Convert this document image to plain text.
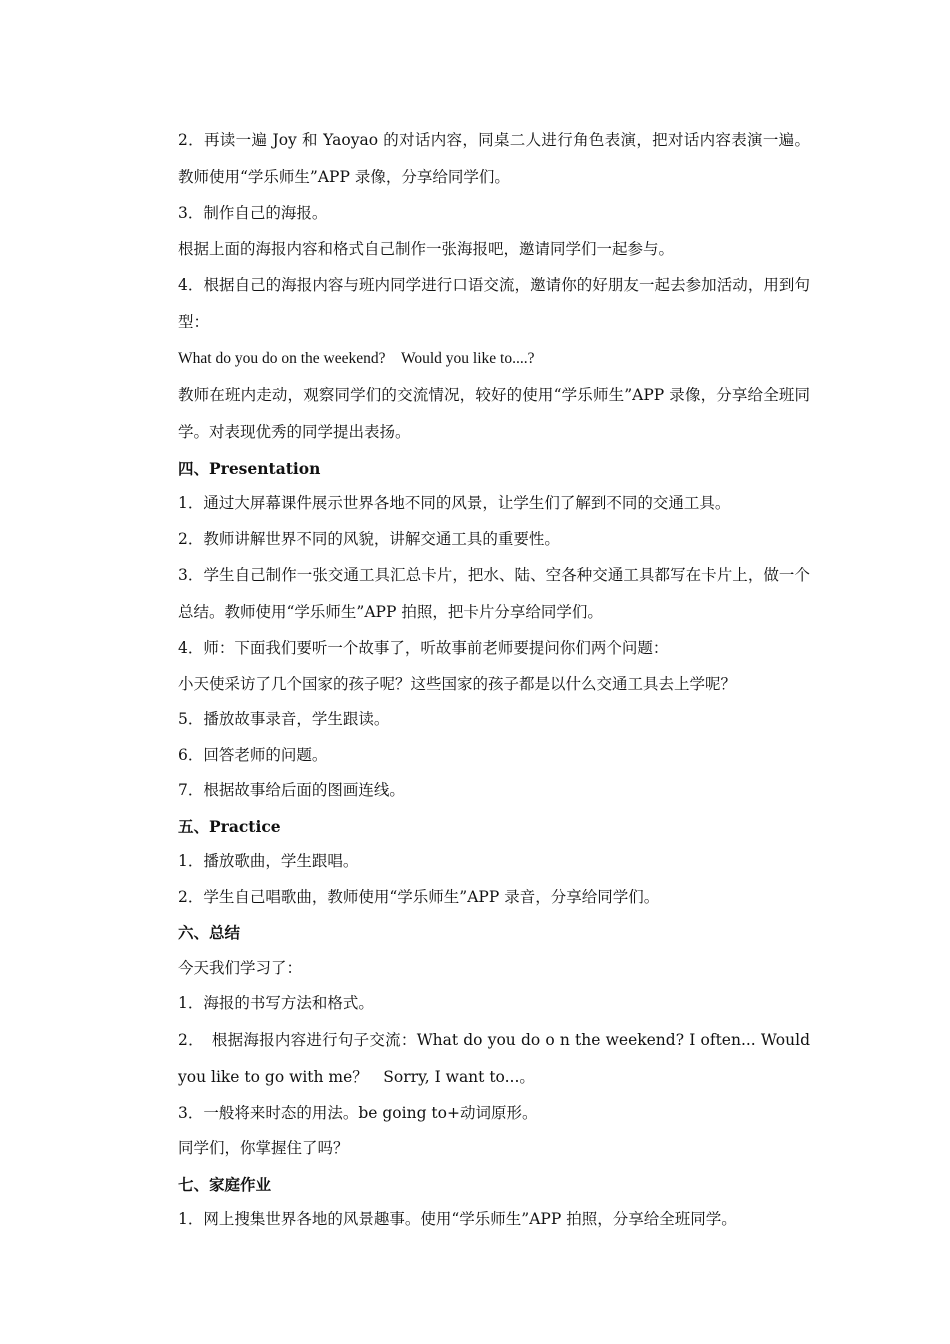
2．再读一遍 Joy 和 Yaoyao 的对话内容，同桌二人进行角色表演，把对话内容表演一遍。教师使用“学乐师生”APP 录像，分享给同学们。

3．制作自己的海报。

根据上面的海报内容和格式自己制作一张海报吧，邀请同学们一起参与。

4．根据自己的海报内容与班内同学进行口语交流，邀请你的好朋友一起去参加活动，用到句型：

What do you do on the weekend?　Would you like to....?

教师在班内走动，观察同学们的交流情况，较好的使用“学乐师生”APP 录像，分享给全班同学。对表现优秀的同学提出表扬。

四、Presentation

1．通过大屏幕课件展示世界各地不同的风景，让学生们了解到不同的交通工具。

2．教师讲解世界不同的风貌，讲解交通工具的重要性。

3．学生自己制作一张交通工具汇总卡片，把水、陆、空各种交通工具都写在卡片上，做一个总结。教师使用“学乐师生”APP 拍照，把卡片分享给同学们。

4．师：下面我们要听一个故事了，听故事前老师要提问你们两个问题：

小天使采访了几个国家的孩子呢？这些国家的孩子都是以什么交通工具去上学呢？

5．播放故事录音，学生跟读。

6．回答老师的问题。

7．根据故事给后面的图画连线。

五、Practice

1．播放歌曲，学生跟唱。

2．学生自己唱歌曲，教师使用“学乐师生”APP 录音，分享给同学们。

六、总结

今天我们学习了：

1．海报的书写方法和格式。

2．　根据海报内容进行句子交流：What do you do o n the weekend? I often... Would you like to go with me？　Sorry, I want to...。

3．一般将来时态的用法。be going to+动词原形。

同学们，你掌握住了吗？

七、家庭作业

1．网上搜集世界各地的风景趣事。使用“学乐师生”APP 拍照，分享给全班同学。
